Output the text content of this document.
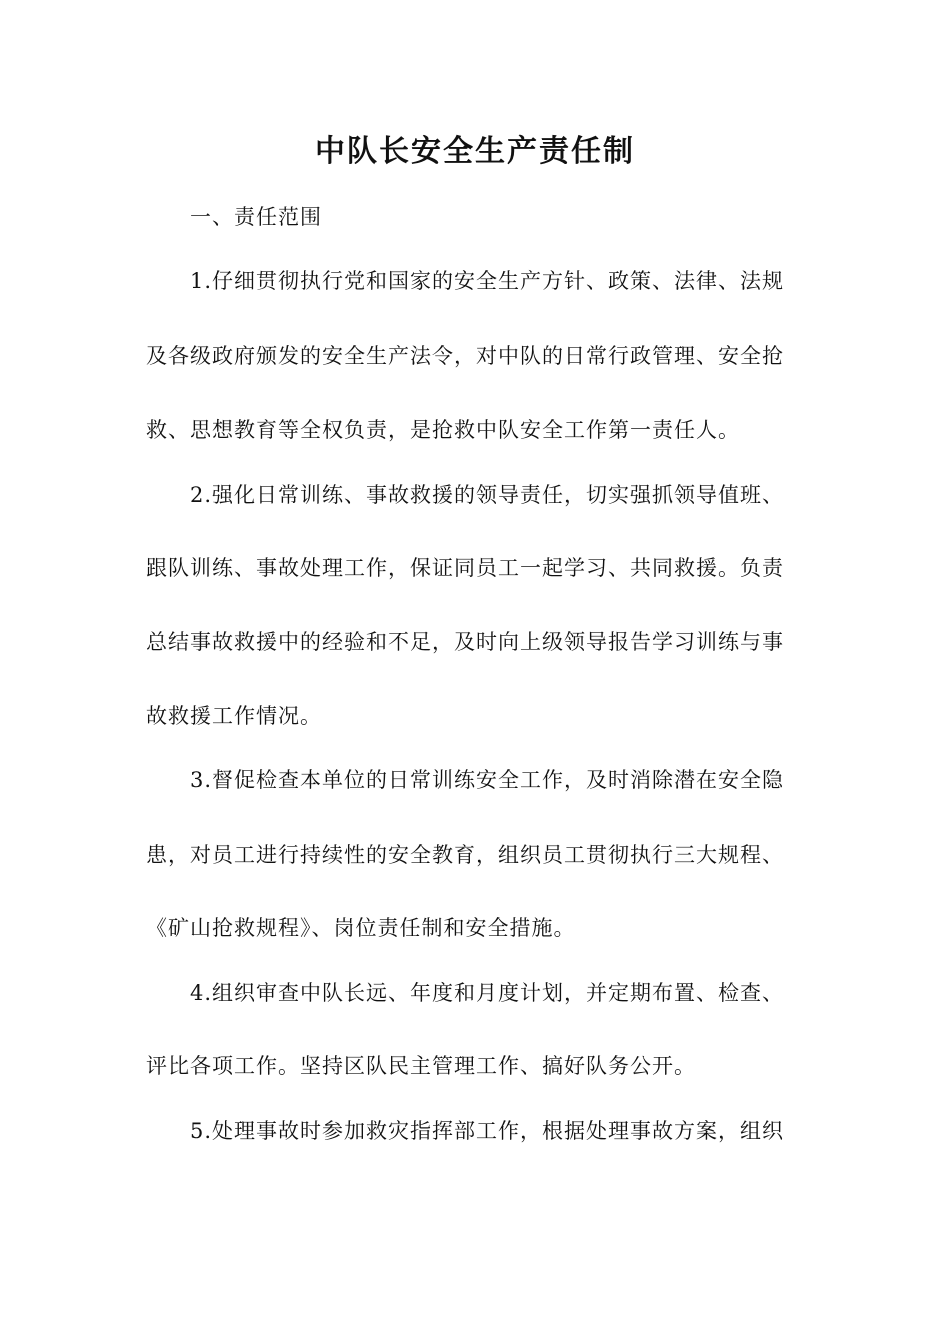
中队长安全生产责任制
一、责任范围
1.仔细贯彻执行党和国家的安全生产方针、政策、法律、法规
及各级政府颁发的安全生产法令，对中队的日常行政管理、安全抢
救、思想教育等全权负责，是抢救中队安全工作第一责任人。
2.强化日常训练、事故救援的领导责任，切实强抓领导值班、
跟队训练、事故处理工作，保证同员工一起学习、共同救援。负责
总结事故救援中的经验和不足，及时向上级领导报告学习训练与事
故救援工作情况。
3.督促检查本单位的日常训练安全工作，及时消除潜在安全隐
患，对员工进行持续性的安全教育，组织员工贯彻执行三大规程、
《矿山抢救规程》、岗位责任制和安全措施。
4.组织审查中队长远、年度和月度计划，并定期布置、检查、
评比各项工作。坚持区队民主管理工作、搞好队务公开。
5.处理事故时参加救灾指挥部工作，根据处理事故方案，组织
